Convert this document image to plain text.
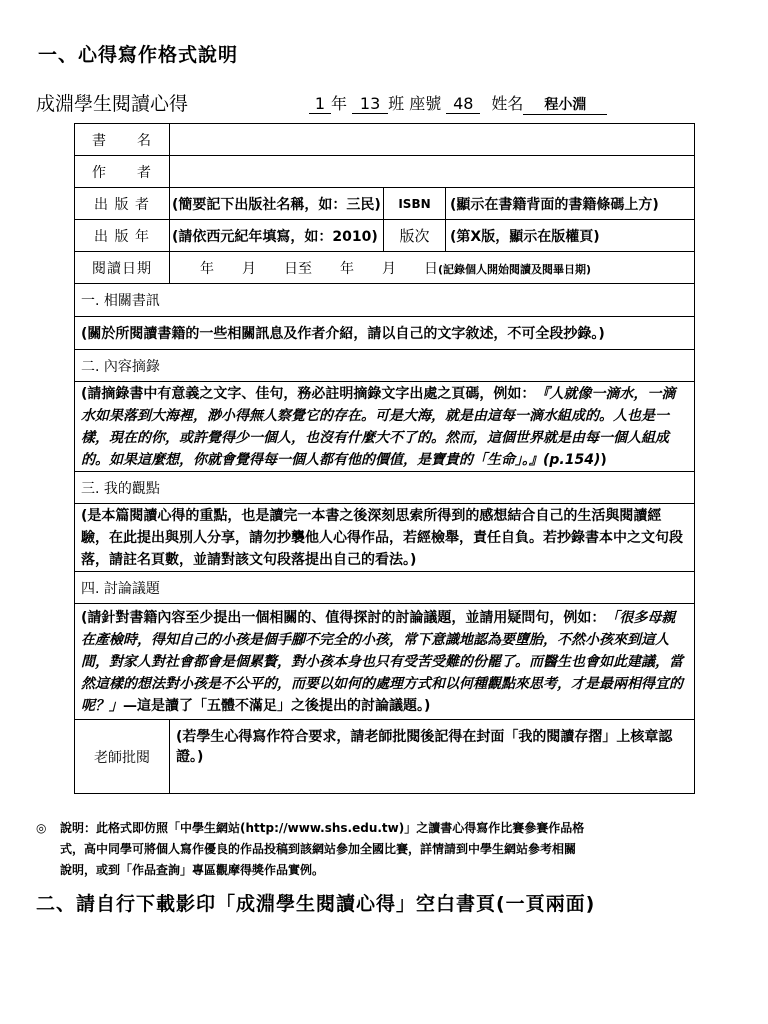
一、心得寫作格式說明
成淵學生閱讀心得	1 年 13 班 座號 48 姓名 程小淵
書　　名			
作　　者			
出 版 者	(簡要記下出版社名稱，如：三民)	ISBN	(顯示在書籍背面的書籍條碼上方)
出 版 年	(請依西元紀年填寫，如：2010)	版次	(第X版，顯示在版權頁)
閱讀日期	年　　月　　日至　　年　　月　　日(記錄個人開始閱讀及閱畢日期)		
一. 相關書訊			
(關於所閱讀書籍的一些相關訊息及作者介紹，請以自己的文字敘述，不可全段抄錄。)			
二. 內容摘錄			
(請摘錄書中有意義之文字、佳句，務必註明摘錄文字出處之頁碼，例如：『人就像一滴水，一滴水如果落到大海裡，渺小得無人察覺它的存在。可是大海，就是由這每一滴水組成的。人也是一樣，現在的你，或許覺得少一個人，也沒有什麼大不了的。然而，這個世界就是由每一個人組成的。如果這麼想，你就會覺得每一個人都有他的價值，是寶貴的「生命」。』(p.154))			
三. 我的觀點			
(是本篇閱讀心得的重點，也是讀完一本書之後深刻思索所得到的感想結合自己的生活與閱讀經驗，在此提出與別人分享，請勿抄襲他人心得作品，若經檢舉，責任自負。若抄錄書本中之文句段落，請註名頁數，並請對該文句段落提出自己的看法。)			
四. 討論議題			
(請針對書籍內容至少提出一個相關的、值得探討的討論議題，並請用疑問句，例如：「很多母親在產檢時，得知自己的小孩是個手腳不完全的小孩，常下意識地認為要墮胎，不然小孩來到這人間，對家人對社會都會是個累贅，對小孩本身也只有受苦受難的份罷了。而醫生也會如此建議，當然這樣的想法對小孩是不公平的，而要以如何的處理方式和以何種觀點來思考，才是最兩相得宜的呢？」—這是讀了「五體不滿足」之後提出的討論議題。)			
老師批閱	(若學生心得寫作符合要求，請老師批閱後記得在封面「我的閱讀存摺」上核章認證。)		
◎ 說明：此格式即仿照「中學生網站(http://www.shs.edu.tw)」之讀書心得寫作比賽參賽作品格
式，高中同學可將個人寫作優良的作品投稿到該網站參加全國比賽，詳情請到中學生網站參考相關
說明，或到「作品查詢」專區觀摩得獎作品實例。
二、請自行下載影印「成淵學生閱讀心得」空白書頁(一頁兩面)
